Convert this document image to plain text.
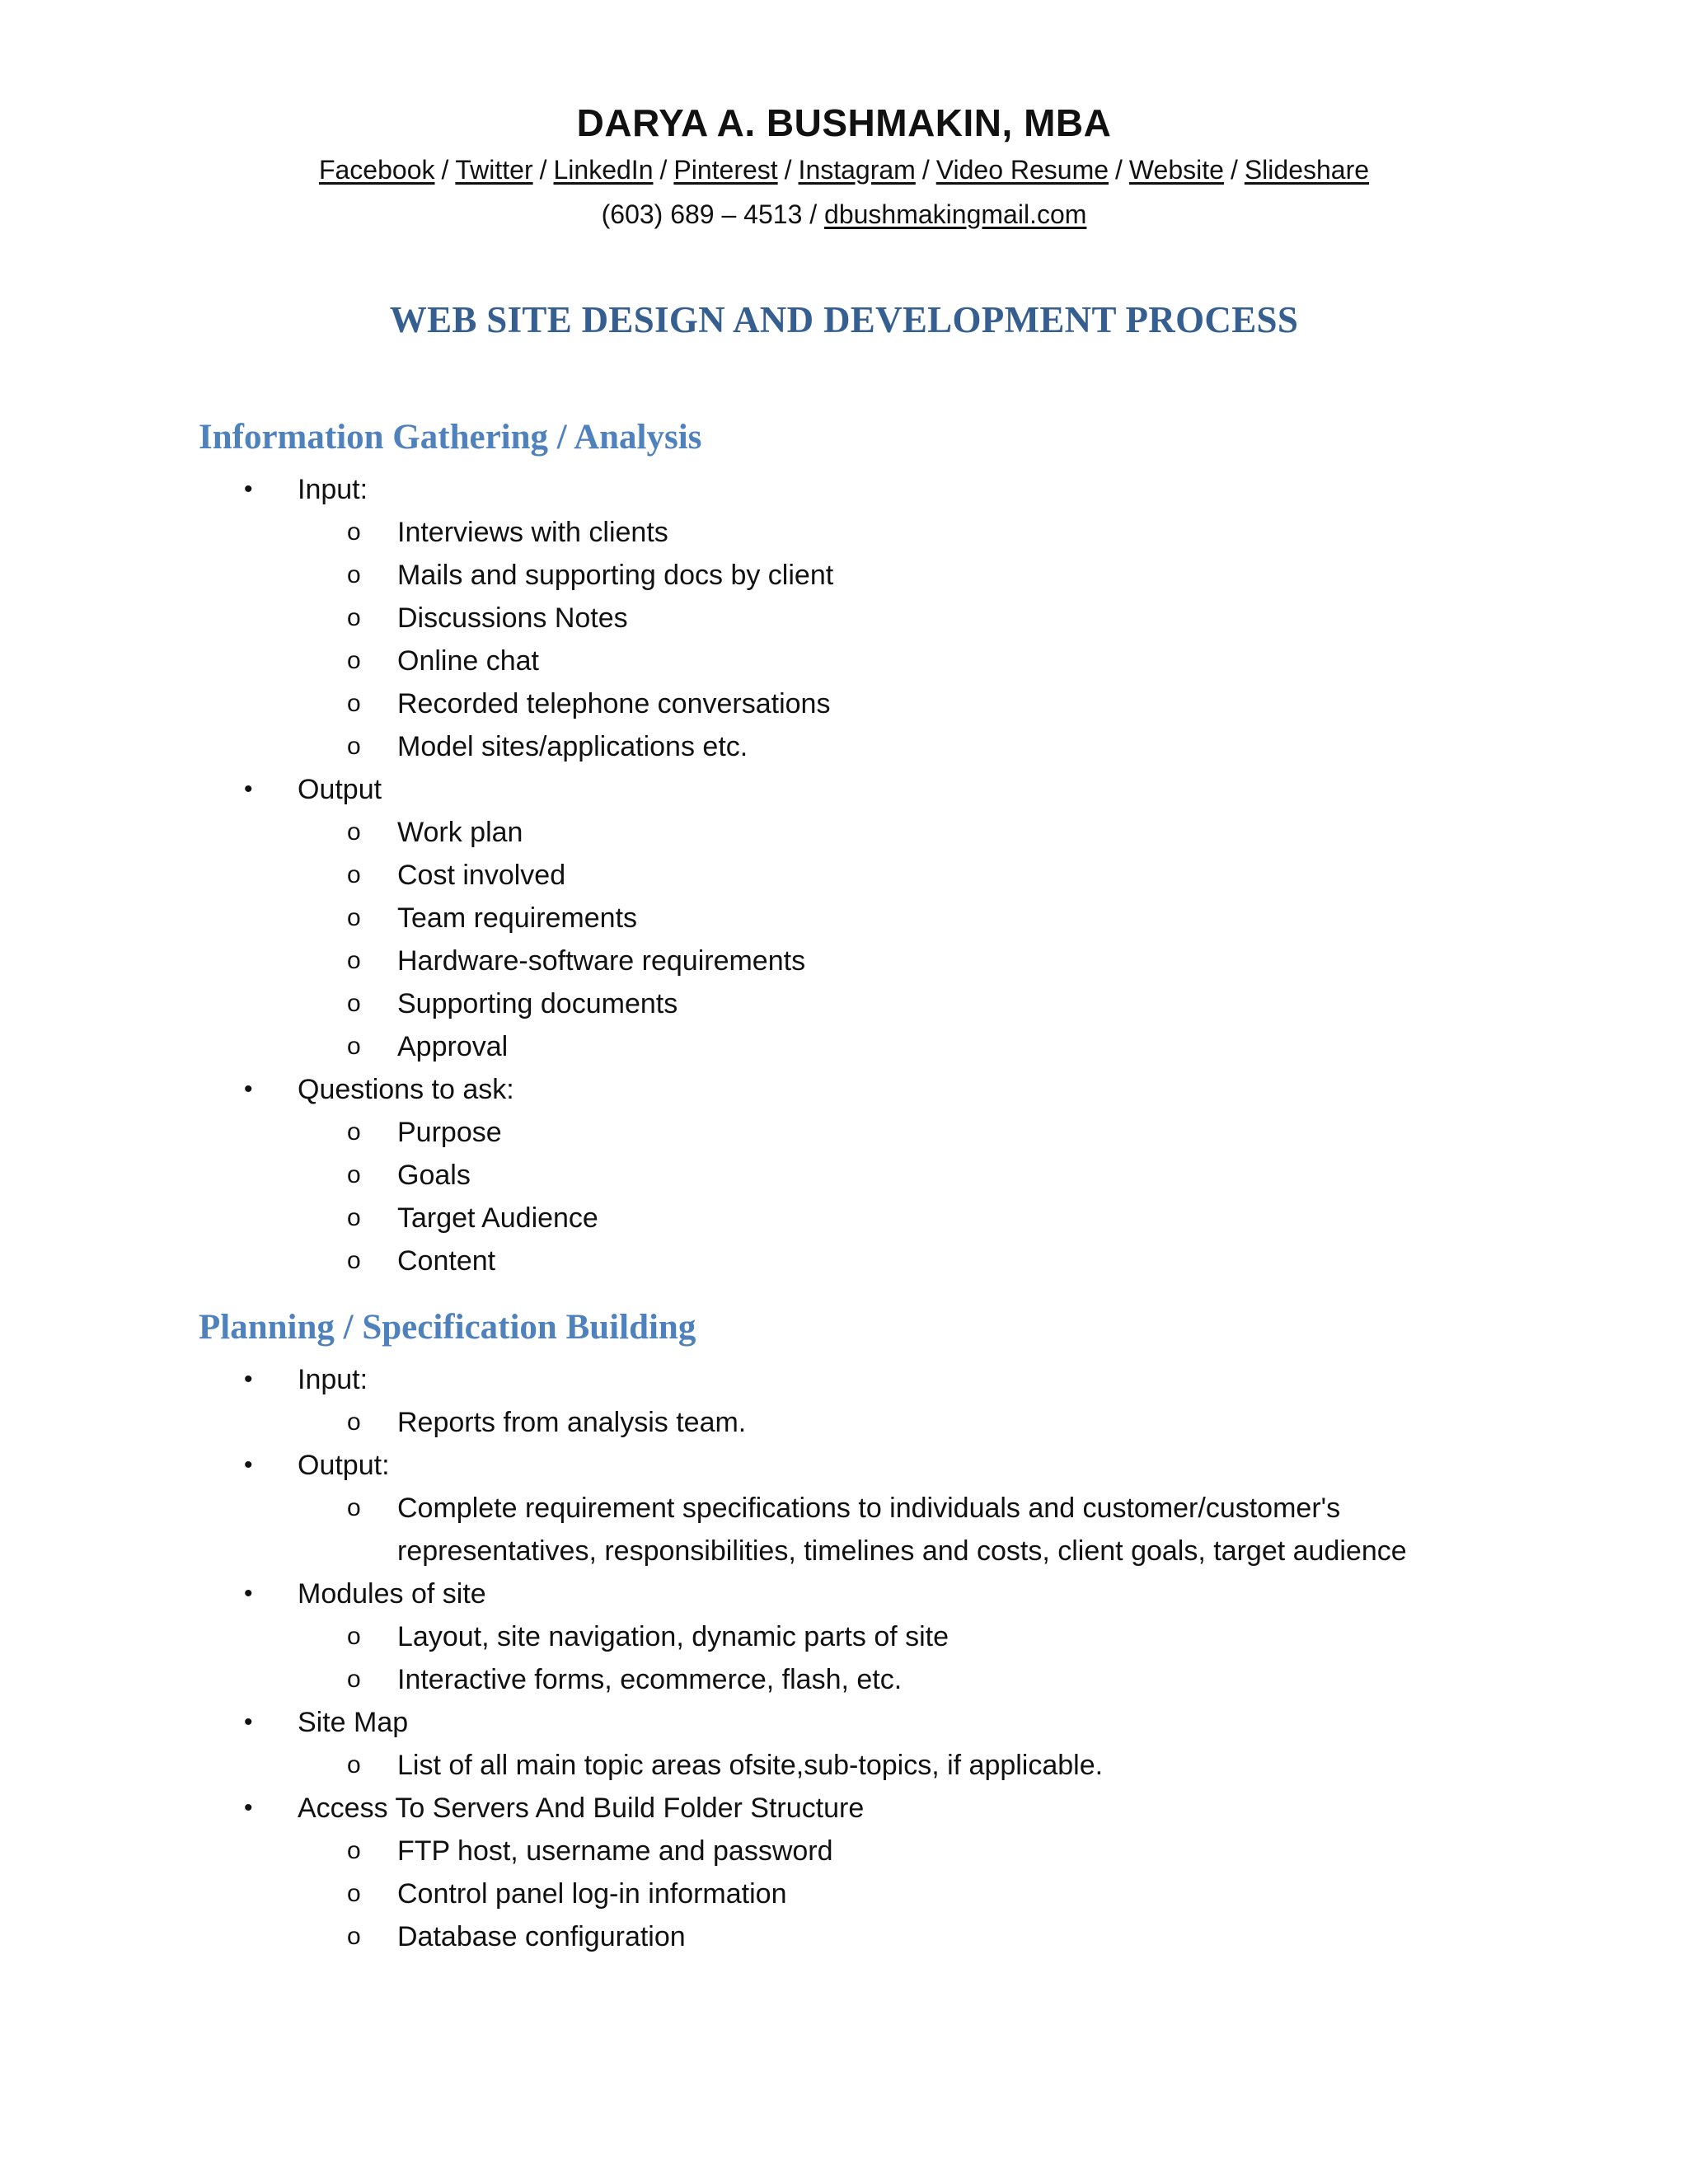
DARYA A. BUSHMAKIN, MBA
Facebook / Twitter / LinkedIn / Pinterest / Instagram / Video Resume / Website / Slideshare
(603) 689 – 4513 / dbushmakingmail.com
WEB SITE DESIGN AND DEVELOPMENT PROCESS
Information Gathering / Analysis
• Input:
o Interviews with clients
o Mails and supporting docs by client
o Discussions Notes
o Online chat
o Recorded telephone conversations
o Model sites/applications etc.
• Output
o Work plan
o Cost involved
o Team requirements
o Hardware-software requirements
o Supporting documents
o Approval
• Questions to ask:
o Purpose
o Goals
o Target Audience
o Content
Planning / Specification Building
• Input:
o Reports from analysis team.
• Output:
o Complete requirement specifications to individuals and customer/customer's representatives, responsibilities, timelines and costs, client goals, target audience
• Modules of site
o Layout, site navigation, dynamic parts of site
o Interactive forms, ecommerce, flash, etc.
• Site Map
o List of all main topic areas ofsite,sub-topics, if applicable.
• Access To Servers And Build Folder Structure
o FTP host, username and password
o Control panel log-in information
o Database configuration
